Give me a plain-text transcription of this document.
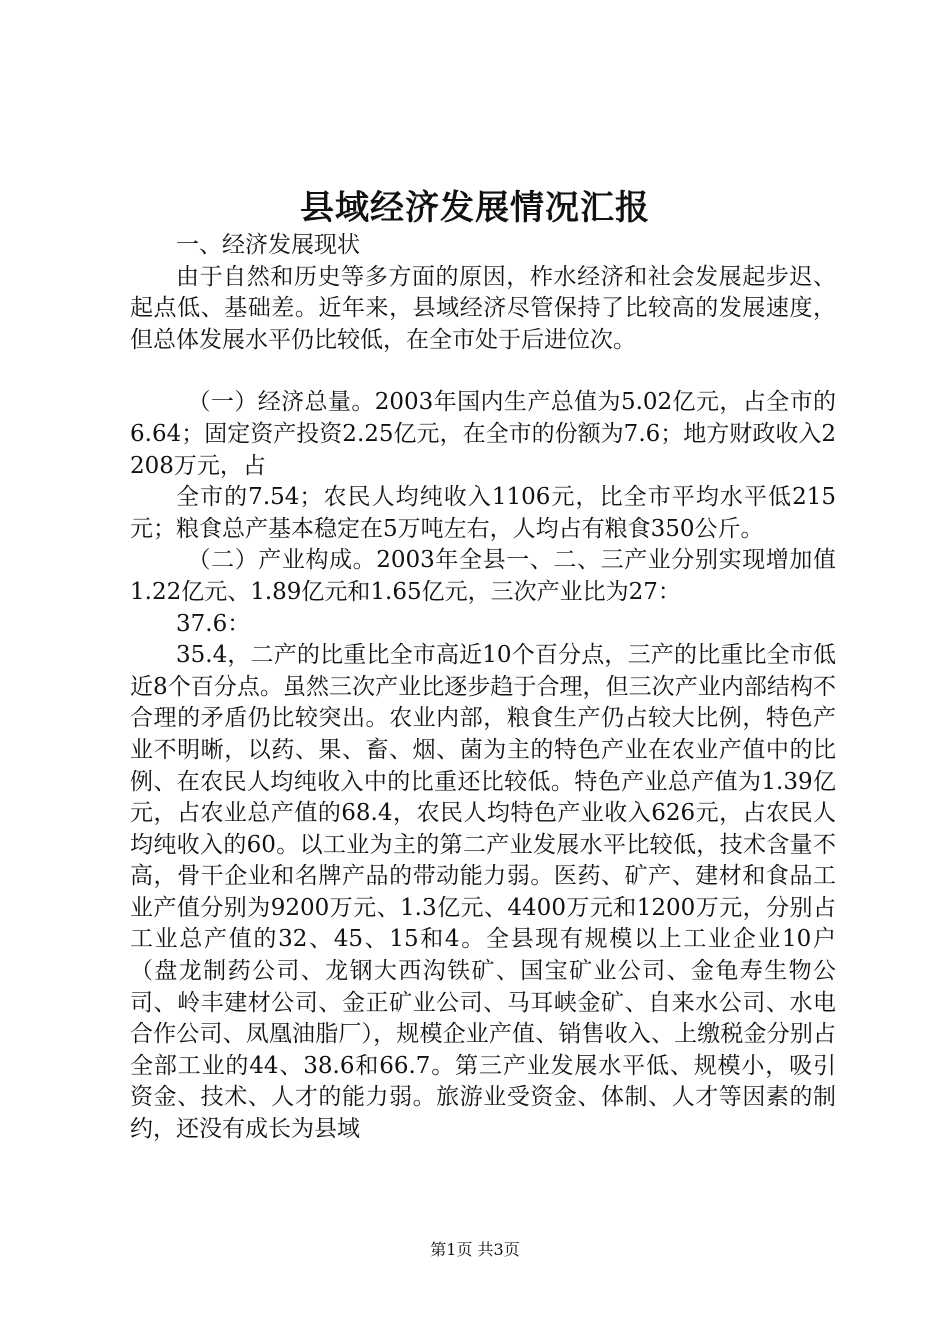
县域经济发展情况汇报

一、经济发展现状

由于自然和历史等多方面的原因，柞水经济和社会发展起步迟、起点低、基础差。近年来，县域经济尽管保持了比较高的发展速度，但总体发展水平仍比较低，在全市处于后进位次。

（一）经济总量。2003年国内生产总值为5.02亿元，占全市的6.64；固定资产投资2.25亿元，在全市的份额为7.6；地方财政收入2208万元，占

全市的7.54；农民人均纯收入1106元，比全市平均水平低215元；粮食总产基本稳定在5万吨左右，人均占有粮食350公斤。

（二）产业构成。2003年全县一、二、三产业分别实现增加值1.22亿元、1.89亿元和1.65亿元，三次产业比为27：

37.6：

35.4，二产的比重比全市高近10个百分点，三产的比重比全市低近8个百分点。虽然三次产业比逐步趋于合理，但三次产业内部结构不合理的矛盾仍比较突出。农业内部，粮食生产仍占较大比例，特色产业不明晰，以药、果、畜、烟、菌为主的特色产业在农业产值中的比例、在农民人均纯收入中的比重还比较低。特色产业总产值为1.39亿元，占农业总产值的68.4，农民人均特色产业收入626元，占农民人均纯收入的60。以工业为主的第二产业发展水平比较低，技术含量不高，骨干企业和名牌产品的带动能力弱。医药、矿产、建材和食品工业产值分别为9200万元、1.3亿元、4400万元和1200万元，分别占工业总产值的32、45、15和4。全县现有规模以上工业企业10户（盘龙制药公司、龙钢大西沟铁矿、国宝矿业公司、金龟寿生物公司、岭丰建材公司、金正矿业公司、马耳峡金矿、自来水公司、水电合作公司、凤凰油脂厂），规模企业产值、销售收入、上缴税金分别占全部工业的44、38.6和66.7。第三产业发展水平低、规模小，吸引资金、技术、人才的能力弱。旅游业受资金、体制、人才等因素的制约，还没有成长为县域

第1页 共3页
